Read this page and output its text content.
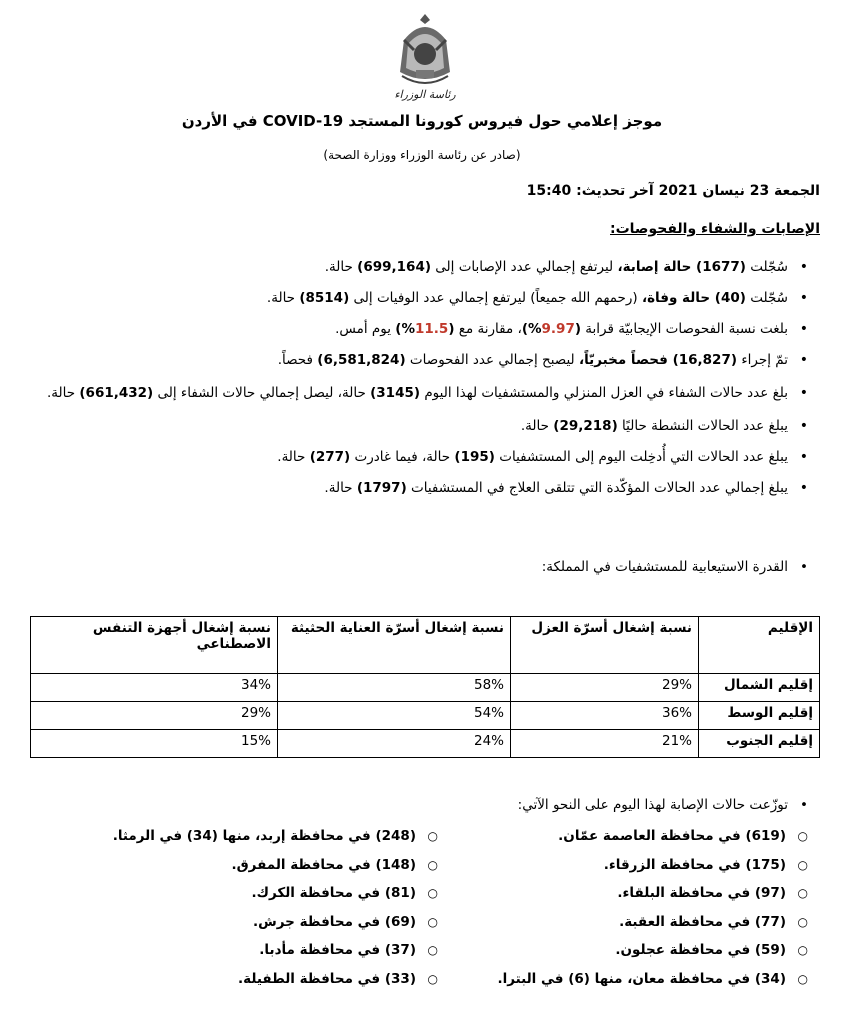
رئاسة الوزراء
موجز إعلامي حول فيروس كورونا المستجد COVID-19 في الأردن
(صادر عن رئاسة الوزراء ووزارة الصحة)
الجمعة 23 نيسان 2021 آخر تحديث: 15:40
الإصابات والشفاء والفحوصات:
• سُجّلت (1677) حالة إصابة، ليرتفع إجمالي عدد الإصابات إلى (699,164) حالة.
• سُجّلت (40) حالة وفاة، (رحمهم الله جميعاً) ليرتفع إجمالي عدد الوفيات إلى (8514) حالة.
• بلغت نسبة الفحوصات الإيجابيّة قرابة (9.97%)، مقارنة مع (11.5%) يوم أمس.
• تمّ إجراء (16,827) فحصاً مخبريّاً، ليصبح إجمالي عدد الفحوصات (6,581,824) فحصاً.
• بلغ عدد حالات الشفاء في العزل المنزلي والمستشفيات لهذا اليوم (3145) حالة، ليصل إجمالي حالات الشفاء إلى (661,432) حالة.
• يبلغ عدد الحالات النشطة حاليًا (29,218) حالة.
• يبلغ عدد الحالات التي أُدخِلت اليوم إلى المستشفيات (195) حالة، فيما غادرت (277) حالة.
• يبلغ إجمالي عدد الحالات المؤكّدة التي تتلقى العلاج في المستشفيات (1797) حالة.
• القدرة الاستيعابية للمستشفيات في المملكة:
الإقليم	نسبة إشغال أسرّة العزل	نسبة إشغال أسرّة العناية الحثيثة	نسبة إشغال أجهزة التنفس الاصطناعي
إقليم الشمال	29%	58%	34%
إقليم الوسط	36%	54%	29%
إقليم الجنوب	21%	24%	15%
• توزّعت حالات الإصابة لهذا اليوم على النحو الآتي:
○ (619) في محافظة العاصمة عمّان.
○ (175) في محافظة الزرقاء.
○ (97) في محافظة البلقاء.
○ (77) في محافظة العقبة.
○ (59) في محافظة عجلون.
○ (34) في محافظة معان، منها (6) في البترا.
○ (248) في محافظة إربد، منها (34) في الرمثا.
○ (148) في محافظة المفرق.
○ (81) في محافظة الكرك.
○ (69) في محافظة جرش.
○ (37) في محافظة مأدبا.
○ (33) في محافظة الطفيلة.
